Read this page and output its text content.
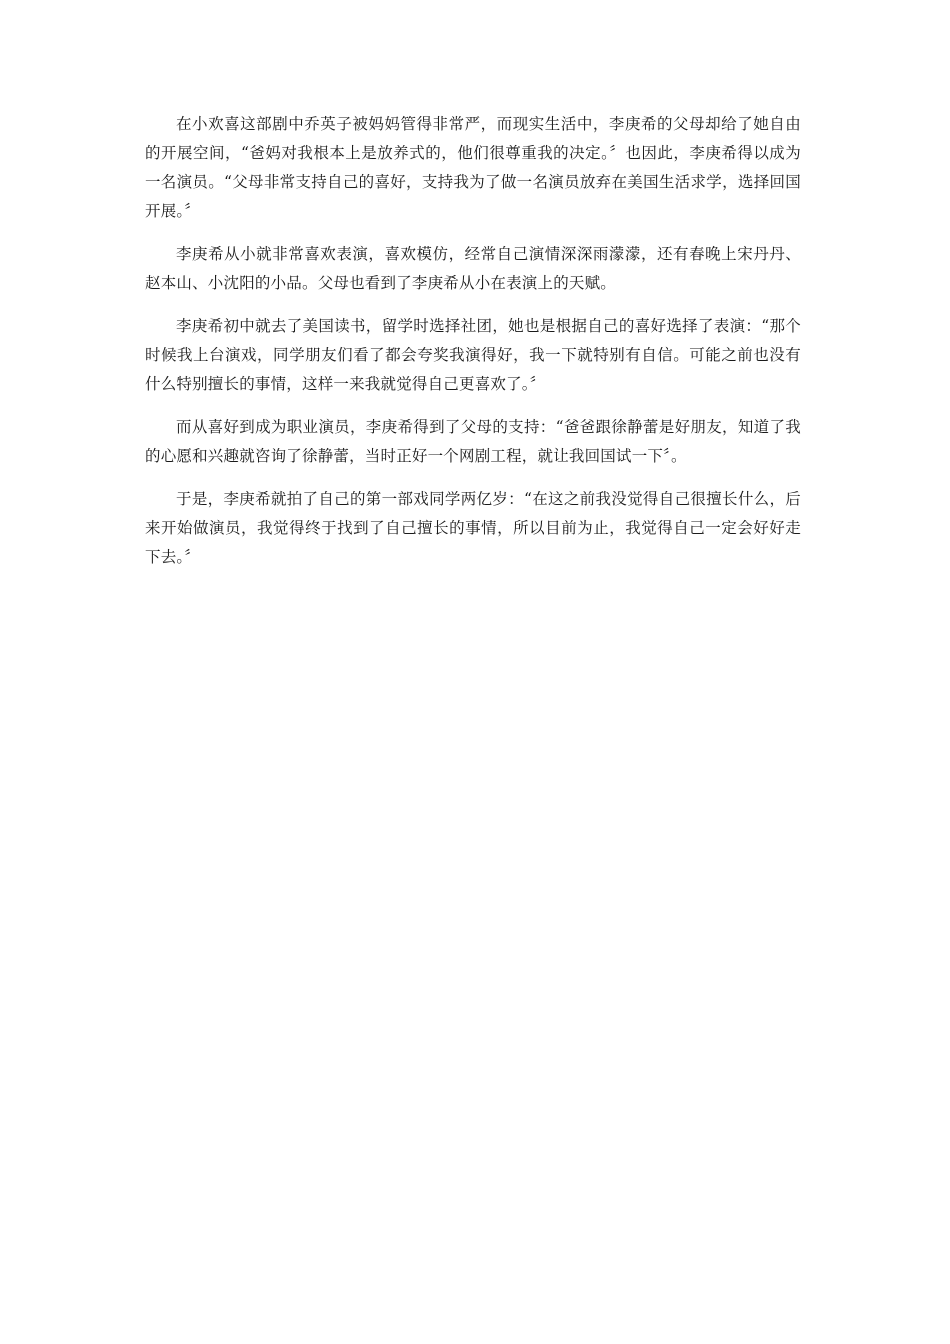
在小欢喜这部剧中乔英子被妈妈管得非常严，而现实生活中，李庚希的父母却给了她自由的开展空间，“爸妈对我根本上是放养式的，他们很尊重我的决定。〞也因此，李庚希得以成为一名演员。“父母非常支持自己的喜好，支持我为了做一名演员放弃在美国生活求学，选择回国开展。〞

李庚希从小就非常喜欢表演，喜欢模仿，经常自己演情深深雨濛濛，还有春晚上宋丹丹、赵本山、小沈阳的小品。父母也看到了李庚希从小在表演上的天赋。

李庚希初中就去了美国读书，留学时选择社团，她也是根据自己的喜好选择了表演：“那个时候我上台演戏，同学朋友们看了都会夸奖我演得好，我一下就特别有自信。可能之前也没有什么特别擅长的事情，这样一来我就觉得自己更喜欢了。〞

而从喜好到成为职业演员，李庚希得到了父母的支持：“爸爸跟徐静蕾是好朋友，知道了我的心愿和兴趣就咨询了徐静蕾，当时正好一个网剧工程，就让我回国试一下〞。

于是，李庚希就拍了自己的第一部戏同学两亿岁：“在这之前我没觉得自己很擅长什么，后来开始做演员，我觉得终于找到了自己擅长的事情，所以目前为止，我觉得自己一定会好好走下去。〞
